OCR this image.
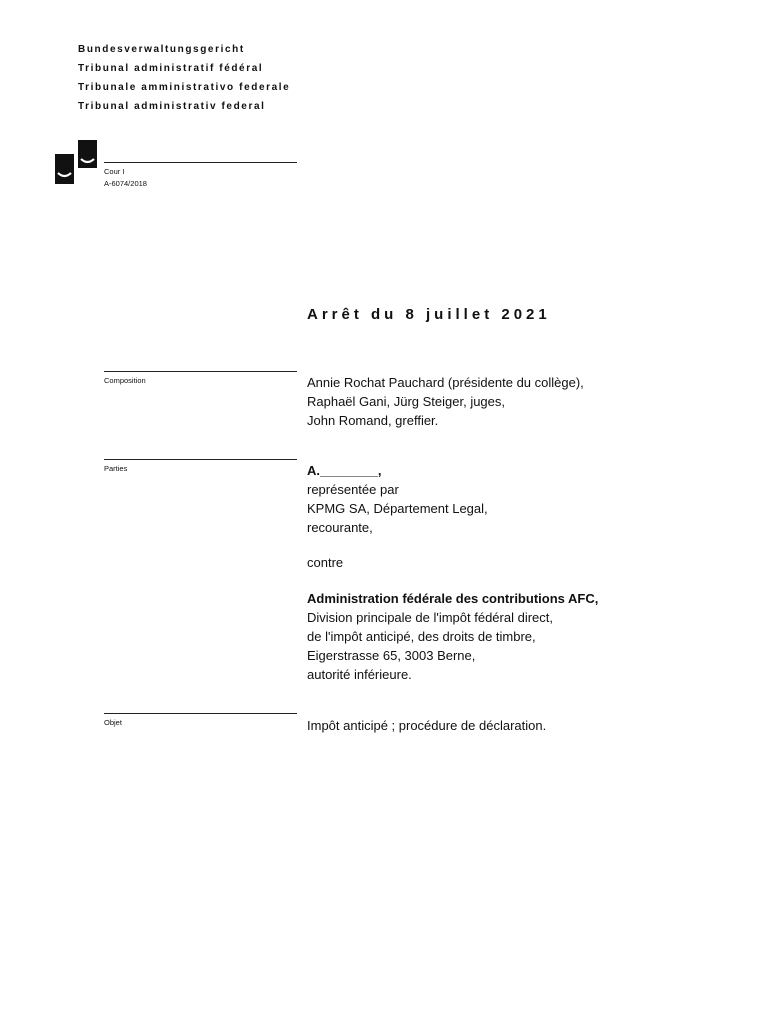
Bundesverwaltungsgericht
Tribunal administratif fédéral
Tribunale amministrativo federale
Tribunal administrativ federal
Cour I
A-6074/2018
Arrêt du 8 juillet 2021
Composition	Annie Rochat Pauchard (présidente du collège),
Raphaël Gani, Jürg Steiger, juges,
John Romand, greffier.
Parties	A.________,
représentée par
KPMG SA, Département Legal,
recourante,
contre
Administration fédérale des contributions AFC,
Division principale de l'impôt fédéral direct,
de l'impôt anticipé, des droits de timbre,
Eigerstrasse 65, 3003 Berne,
autorité inférieure.
Objet	Impôt anticipé ; procédure de déclaration.
